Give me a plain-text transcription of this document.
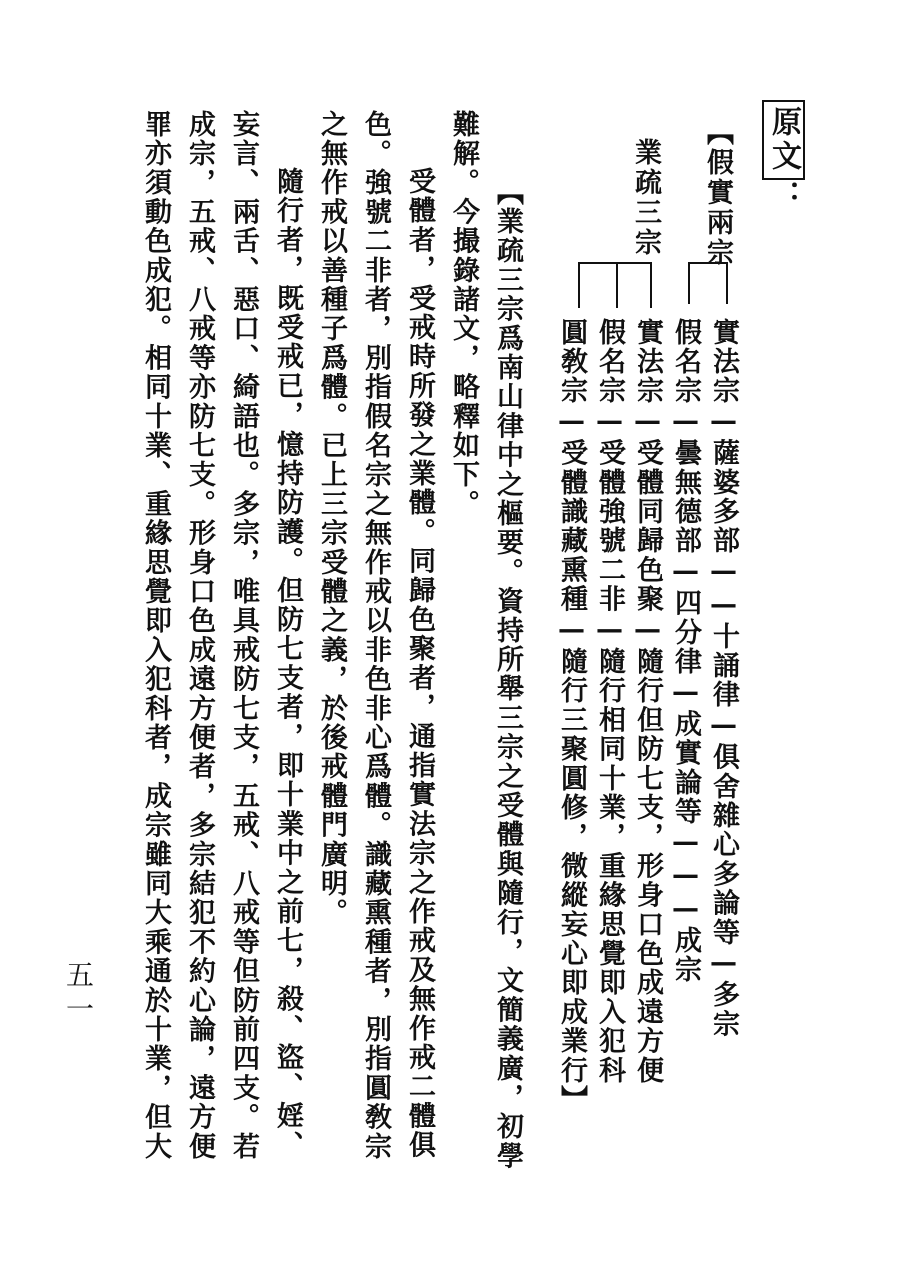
原文：
【假實兩宗
業疏三宗
實法宗—薩婆多部——十誦律—俱舍雜心多論等—多宗
假名宗—曇無德部—四分律—成實論等———成宗
實法宗—受體同歸色聚—隨行但防七支，形身口色成遠方便
假名宗—受體強號二非—隨行相同十業，重緣思覺即入犯科
圓敎宗—受體識藏熏種—隨行三聚圓修，微縱妄心即成業行】
【業疏三宗爲南山律中之樞要。資持所舉三宗之受體與隨行，文簡義廣，初學
難解。今撮錄諸文，略釋如下。
　受體者，受戒時所發之業體。同歸色聚者，通指實法宗之作戒及無作戒二體俱
色。強號二非者，別指假名宗之無作戒以非色非心爲體。識藏熏種者，別指圓敎宗
之無作戒以善種子爲體。已上三宗受體之義，於後戒體門廣明。
　隨行者，既受戒已，憶持防護。但防七支者，即十業中之前七，殺、盜、婬、
妄言、兩舌、惡口、綺語也。多宗，唯具戒防七支，五戒、八戒等但防前四支。若
成宗，五戒、八戒等亦防七支。形身口色成遠方便者，多宗結犯不約心論，遠方便
罪亦須動色成犯。相同十業、重緣思覺即入犯科者，成宗雖同大乘通於十業，但大
五一
